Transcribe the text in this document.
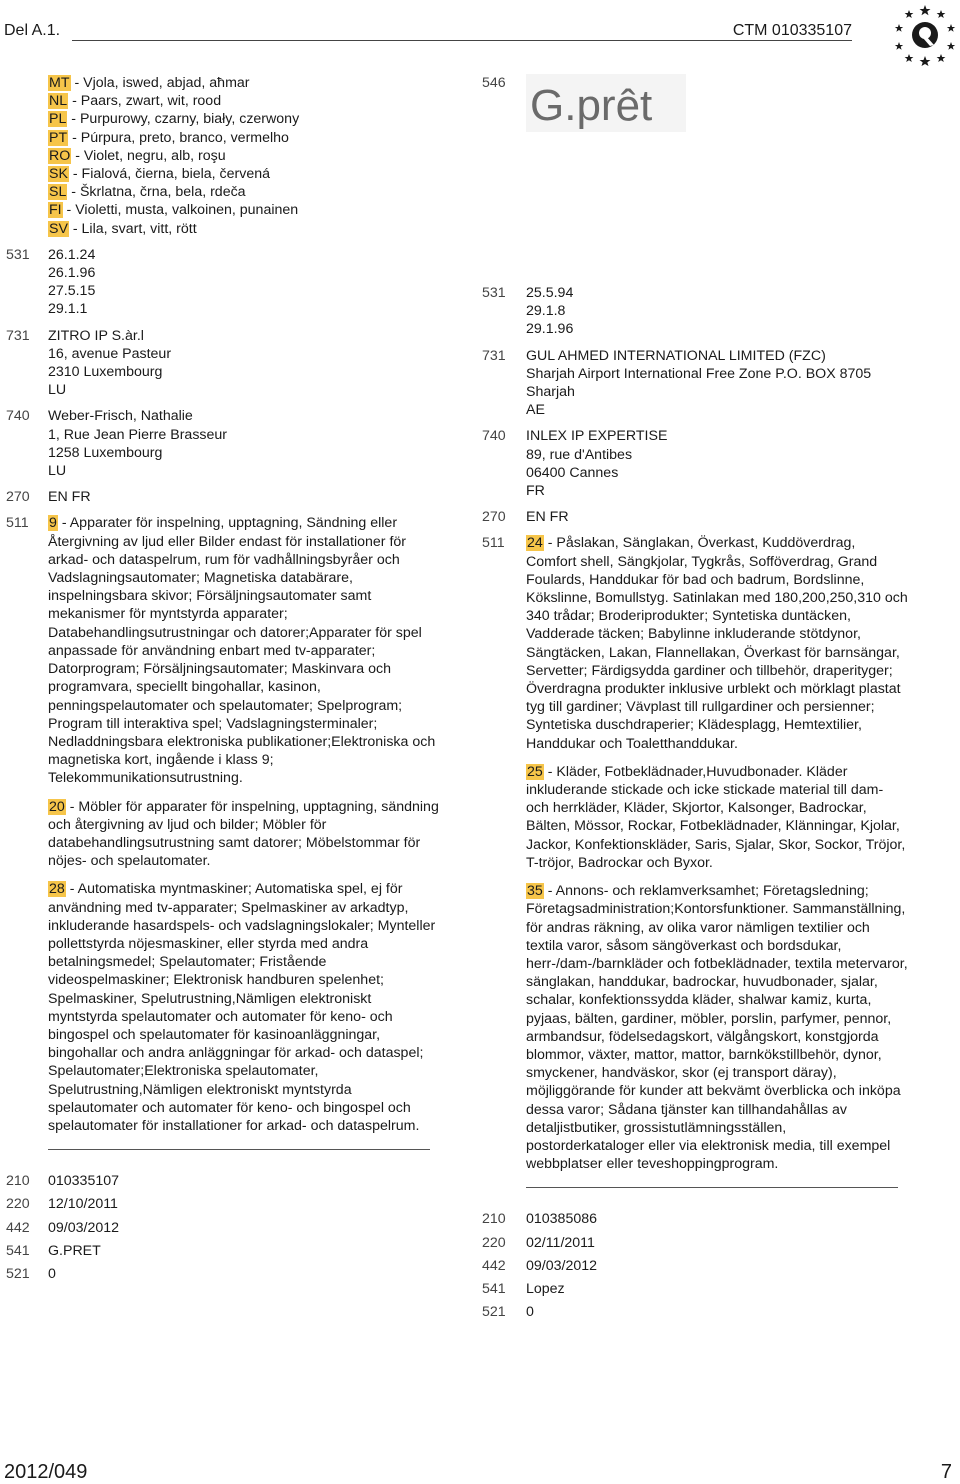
Del A.1.	CTM 010335107

MT - Vjola, iswed, abjad, aħmar

NL - Paars, zwart, wit, rood

PL - Purpurowy, czarny, biały, czerwony

PT - Púrpura, preto, branco, vermelho

RO - Violet, negru, alb, roşu

SK - Fialová, čierna, biela, červená

SL - Škrlatna, črna, bela, rdeča

FI - Violetti, musta, valkoinen, punainen

SV - Lila, svart, vitt, rött

531 26.1.24

26.1.96

27.5.15

29.1.1

731 ZITRO IP S.àr.l

16, avenue Pasteur

2310 Luxembourg

LU

740 Weber-Frisch, Nathalie

1, Rue Jean Pierre Brasseur

1258 Luxembourg

LU

270 EN FR

511 9 - Apparater för inspelning, upptagning, Sändning eller Återgivning av ljud eller Bilder endast för installationer för arkad- och dataspelrum, rum för vadhållningsbyråer och Vadslagningsautomater; Magnetiska databärare, inspelningsbara skivor; Försäljningsautomater samt mekanismer för myntstyrda apparater; Databehandlingsutrustningar och datorer;Apparater för spel anpassade för användning enbart med tv-apparater; Datorprogram; Försäljningsautomater; Maskinvara och programvara, speciellt bingohallar, kasinon, penningspelautomater och spelautomater; Spelprogram; Program till interaktiva spel; Vadslagningsterminaler; Nedladdningsbara elektroniska publikationer;Elektroniska och magnetiska kort, ingående i klass 9; Telekommunikationsutrustning.

20 - Möbler för apparater för inspelning, upptagning, sändning och återgivning av ljud och bilder; Möbler för databehandlingsutrustning samt datorer; Möbelstommar för nöjes- och spelautomater.

28 - Automatiska myntmaskiner; Automatiska spel, ej för användning med tv-apparater; Spelmaskiner av arkadtyp, inkluderande hasardspels- och vadslagningslokaler; Mynteller pollettstyrda nöjesmaskiner, eller styrda med andra betalningsmedel; Spelautomater; Fristående videospelmaskiner; Elektronisk handburen spelenhet; Spelmaskiner, Spelutrustning,Nämligen elektroniskt myntstyrda spelautomater och automater för keno- och bingospel och spelautomater för kasinoanläggningar, bingohallar och andra anläggningar för arkad- och dataspel; Spelautomater;Elektroniska spelautomater, Spelutrustning,Nämligen elektroniskt myntstyrda spelautomater och automater för keno- och bingospel och spelautomater för installationer for arkad- och dataspelrum.

210 010335107

220 12/10/2011

442 09/03/2012

541 G.PRET

521 0

546 G.prêt
531 25.5.94

29.1.8

29.1.96

731 GUL AHMED INTERNATIONAL LIMITED (FZC)

Sharjah Airport International Free Zone P.O. BOX 8705

Sharjah

AE

740 INLEX IP EXPERTISE

89, rue d'Antibes

06400 Cannes

FR

270 EN FR

511 24 - Påslakan, Sänglakan, Överkast, Kuddöverdrag, Comfort shell, Sängkjolar, Tygkrås, Sofföverdrag, Grand Foulards, Handdukar för bad och badrum, Bordslinne, Kökslinne, Bomullstyg. Satinlakan med 180,200,250,310 och 340 trådar; Broderiprodukter; Syntetiska duntäcken, Vadderade täcken; Babylinne inkluderande stötdynor, Sängtäcken, Lakan, Flannellakan, Överkast för barnsängar, Servetter; Färdigsydda gardiner och tillbehör, draperityger; Överdragna produkter inklusive urblekt och mörklagt plastat tyg till gardiner; Vävplast till rullgardiner och persienner; Syntetiska duschdraperier; Klädesplagg, Hemtextilier, Handdukar och Toaletthanddukar.

25 - Kläder, Fotbeklädnader,Huvudbonader. Kläder inkluderande stickade och icke stickade material till dam- och herrkläder, Kläder, Skjortor, Kalsonger, Badrockar, Bälten, Mössor, Rockar, Fotbeklädnader, Klänningar, Kjolar, Jackor, Konfektionskläder, Saris, Sjalar, Skor, Sockor, Tröjor, T-tröjor, Badrockar och Byxor.

35 - Annons- och reklamverksamhet; Företagsledning; Företagsadministration;Kontorsfunktioner. Sammanställning, för andras räkning, av olika varor nämligen textilier och textila varor, såsom sängöverkast och bordsdukar, herr-/dam-/barnkläder och fotbeklädnader, textila metervaror, sänglakan, handdukar, badrockar, huvudbonader, sjalar, schalar, konfektionssydda kläder, shalwar kamiz, kurta, pyjaas, bälten, gardiner, möbler, porslin, parfymer, pennor, armbandsur, födelsedagskort, välgångskort, konstgjorda blommor, växter, mattor, mattor, barnkökstillbehör, dynor, smyckener, handväskor, skor (ej transport däray), möjliggörande för kunder att bekvämt överblicka och inköpa dessa varor; Sådana tjänster kan tillhandahållas av detaljistbutiker, grossistutlämningsställen, postorderkataloger eller via elektronisk media, till exempel webbplatser eller teveshoppingprogram.

210 010385086

220 02/11/2011

442 09/03/2012

541 Lopez

521 0

2012/049	7
